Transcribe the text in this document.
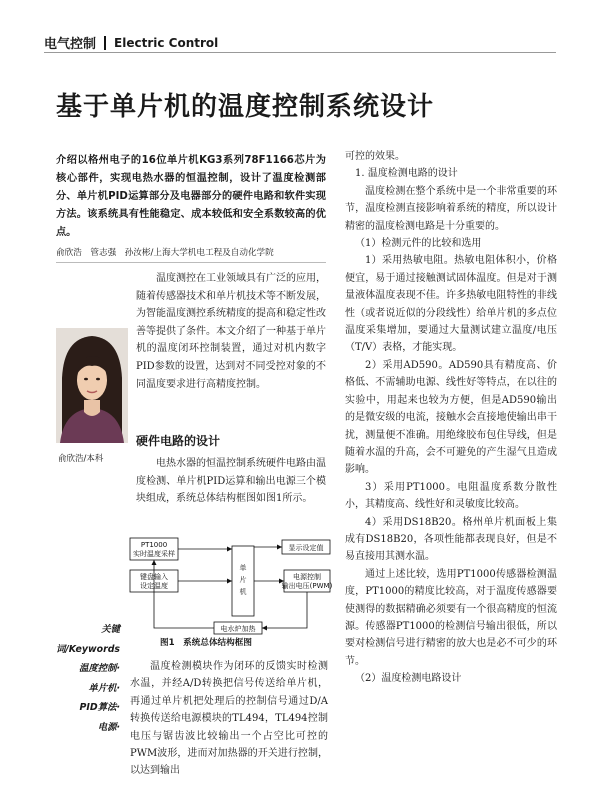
电气控制 Electric Control
基于单片机的温度控制系统设计
介绍以格州电子的16位单片机KG3系列78F1166芯片为核心部件，实现电热水器的恒温控制，设计了温度检测部分、单片机PID运算部分及电器部分的硬件电路和软件实现方法。该系统具有性能稳定、成本较低和安全系数较高的优点。
俞欣浩　管志强　孙汝彬/上海大学机电工程及自动化学院
俞欣浩/本科
温度测控在工业领域具有广泛的应用，随着传感器技术和单片机技术等不断发展，为智能温度测控系统精度的提高和稳定性改善等提供了条件。本文介绍了一种基于单片机的温度闭环控制装置，通过对机内数字PID参数的设置，达到对不同受控对象的不同温度要求进行高精度控制。
硬件电路的设计
电热水器的恒温控制系统硬件电路由温度检测、单片机PID运算和输出电源三个模块组成，系统总体结构框图如图1所示。
关键词/Keywords
温度控制·
单片机·
PID算法·
电源·
PT1000
实时温度采样
单
片
机
显示设定值
键盘输入
设定温度
电源控制
输出电压(PWM)
电水炉加热
图1　系统总体结构框图
温度检测模块作为闭环的反馈实时检测水温，并经A/D转换把信号传送给单片机，再通过单片机把处理后的控制信号通过D/A转换传送给电源模块的TL494，TL494控制电压与锯齿波比较输出一个占空比可控的PWM波形，进而对加热器的开关进行控制，以达到输出

可控的效果。

1. 温度检测电路的设计

温度检测在整个系统中是一个非常重要的环节，温度检测直接影响着系统的精度，所以设计精密的温度检测电路是十分重要的。

（1）检测元件的比较和选用

1）采用热敏电阻。热敏电阻体积小，价格便宜，易于通过接触测试固体温度。但是对于测量液体温度表现不佳。许多热敏电阻特性的非线性（或者说近似的分段线性）给单片机的多点位温度采集增加，要通过大量测试建立温度/电压（T/V）表格，才能实现。

2）采用AD590。AD590具有精度高、价格低、不需辅助电源、线性好等特点，在以往的实验中，用起来也较为方便，但是AD590输出的是微安级的电流，接触水会直接地使输出串干扰，测量便不准确。用绝缘胶布包住导线，但是随着水温的升高，会不可避免的产生湿气且造成影响。

3）采用PT1000。电阻温度系数分散性小，其精度高、线性好和灵敏度比较高。

4）采用DS18B20。格州单片机面板上集成有DS18B20，各项性能都表现良好，但是不易直接用其测水温。

通过上述比较，选用PT1000传感器检测温度，PT1000的精度比较高，对于温度传感器要使测得的数据精确必须要有一个很高精度的恒流源。传感器PT1000的检测信号输出很低，所以要对检测信号进行精密的放大也是必不可少的环节。

（2）温度检测电路设计
